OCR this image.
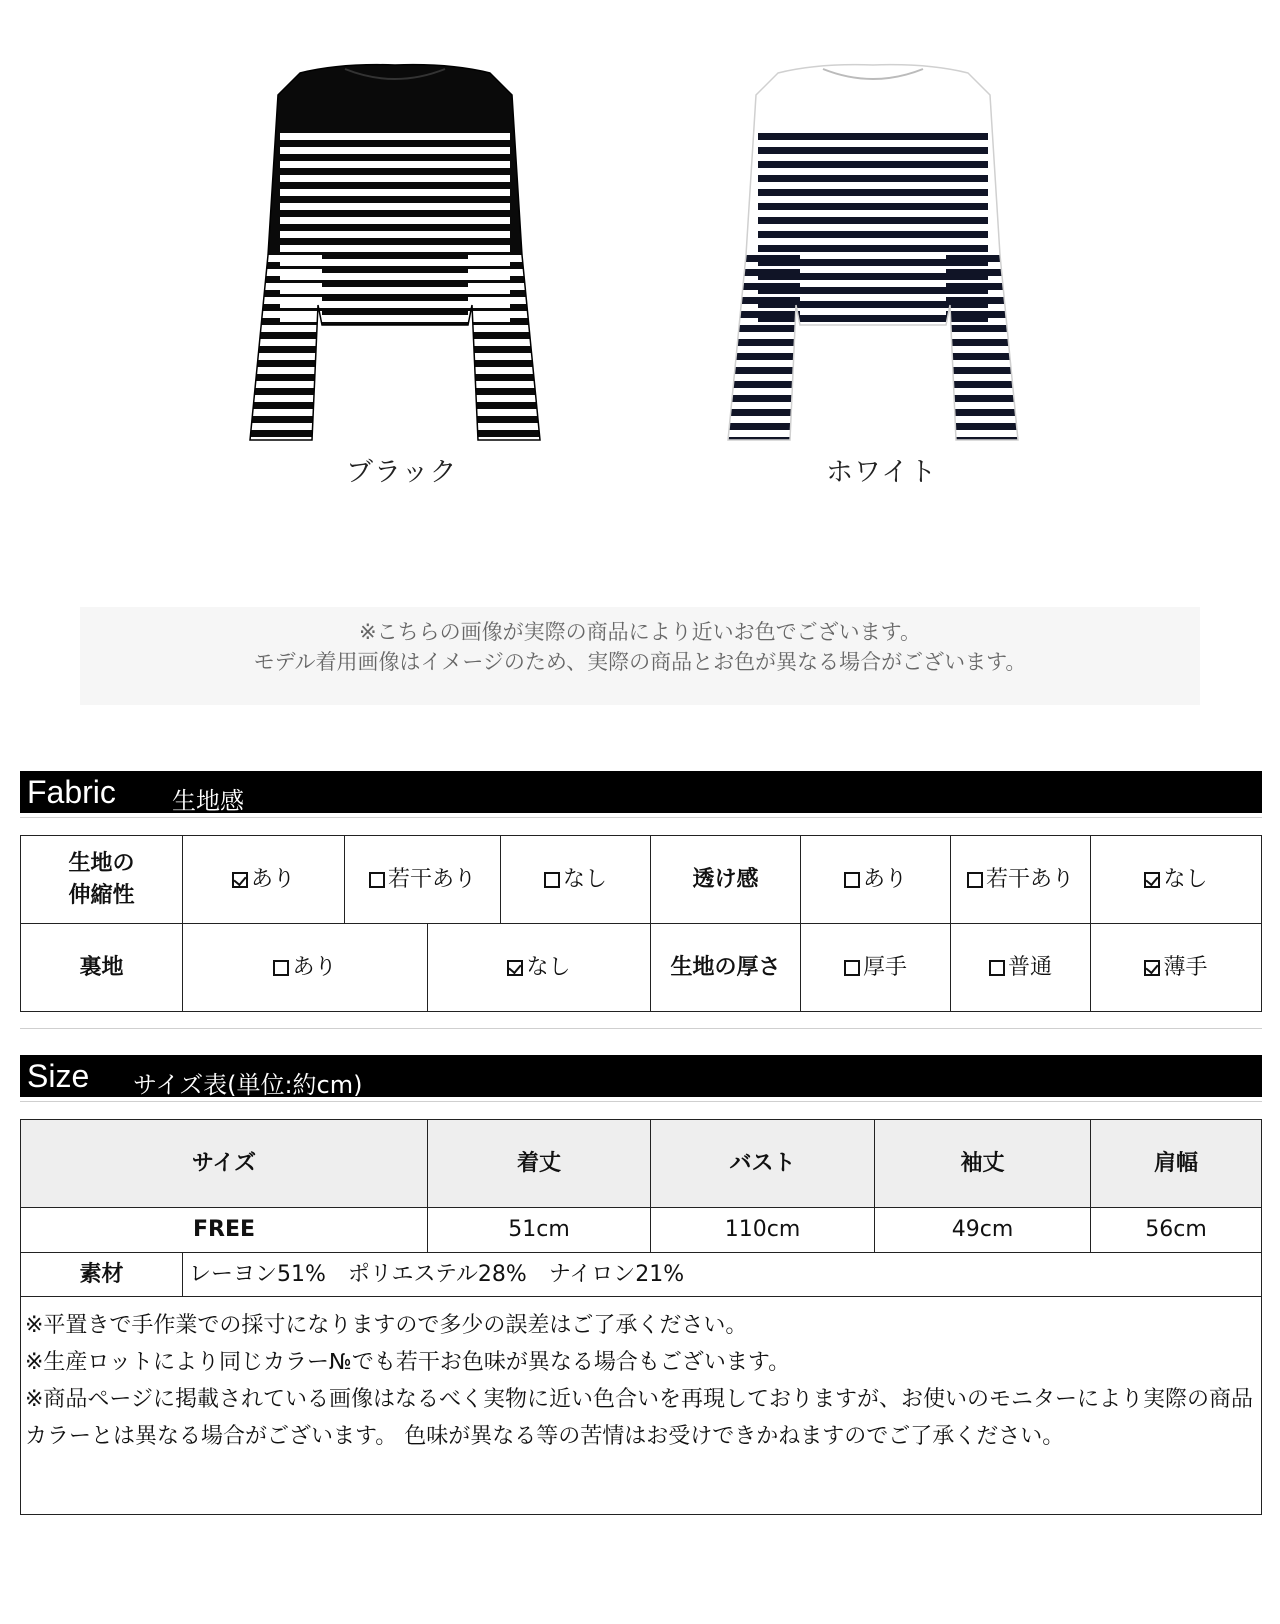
ブラック	ホワイト
※こちらの画像が実際の商品により近いお色でございます。
モデル着用画像はイメージのため、実際の商品とお色が異なる場合がございます。
Fabric 生地感
生地の
伸縮性
あり	若干あり	なし	透け感	あり	若干あり	なし
裏地	あり	なし	生地の厚さ	厚手	普通	薄手
Size サイズ表(単位:約cm)
サイズ	着丈	バスト	袖丈	肩幅
FREE	51cm	110cm	49cm	56cm
素材	レーヨン51%　ポリエステル28%　ナイロン21%

※平置きで手作業での採寸になりますので多少の誤差はご了承ください。

※生産ロットにより同じカラー№でも若干お色味が異なる場合もございます。

※商品ページに掲載されている画像はなるべく実物に近い色合いを再現しておりますが、お使いのモニターにより実際の商品カラーとは異なる場合がございます。 色味が異なる等の苦情はお受けできかねますのでご了承ください。
